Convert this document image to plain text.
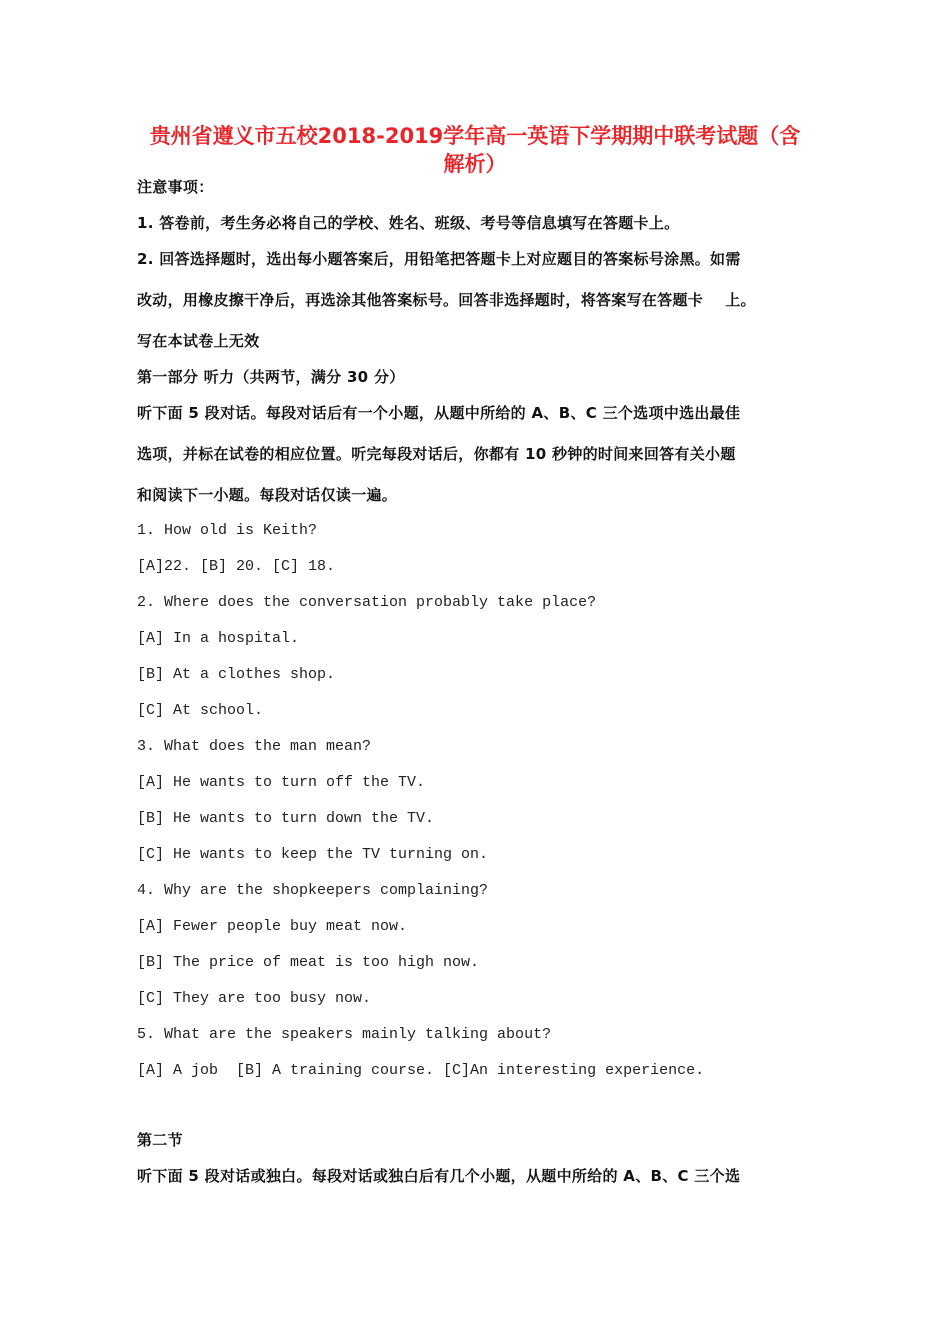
贵州省遵义市五校2018-2019学年高一英语下学期期中联考试题（含
解析）
注意事项：
1. 答卷前，考生务必将自己的学校、姓名、班级、考号等信息填写在答题卡上。
2. 回答选择题时，选出每小题答案后，用铅笔把答题卡上对应题目的答案标号涂黑。如需
改动，用橡皮擦干净后，再选涂其他答案标号。回答非选择题时，将答案写在答题卡    上。
写在本试卷上无效
第一部分 听力（共两节，满分 30 分）
听下面 5 段对话。每段对话后有一个小题，从题中所给的 A、B、C 三个选项中选出最佳
选项，并标在试卷的相应位置。听完每段对话后，你都有 10 秒钟的时间来回答有关小题
和阅读下一小题。每段对话仅读一遍。
1. How old is Keith?
[A]22. [B] 20. [C] 18.
2. Where does the conversation probably take place?
[A] In a hospital.
[B] At a clothes shop.
[C] At school.
3. What does the man mean?
[A] He wants to turn off the TV.
[B] He wants to turn down the TV.
[C] He wants to keep the TV turning on.
4. Why are the shopkeepers complaining?
[A] Fewer people buy meat now.
[B] The price of meat is too high now.
[C] They are too busy now.
5. What are the speakers mainly talking about?
[A] A job  [B] A training course. [C]An interesting experience.
第二节
听下面 5 段对话或独白。每段对话或独白后有几个小题，从题中所给的 A、B、C 三个选
